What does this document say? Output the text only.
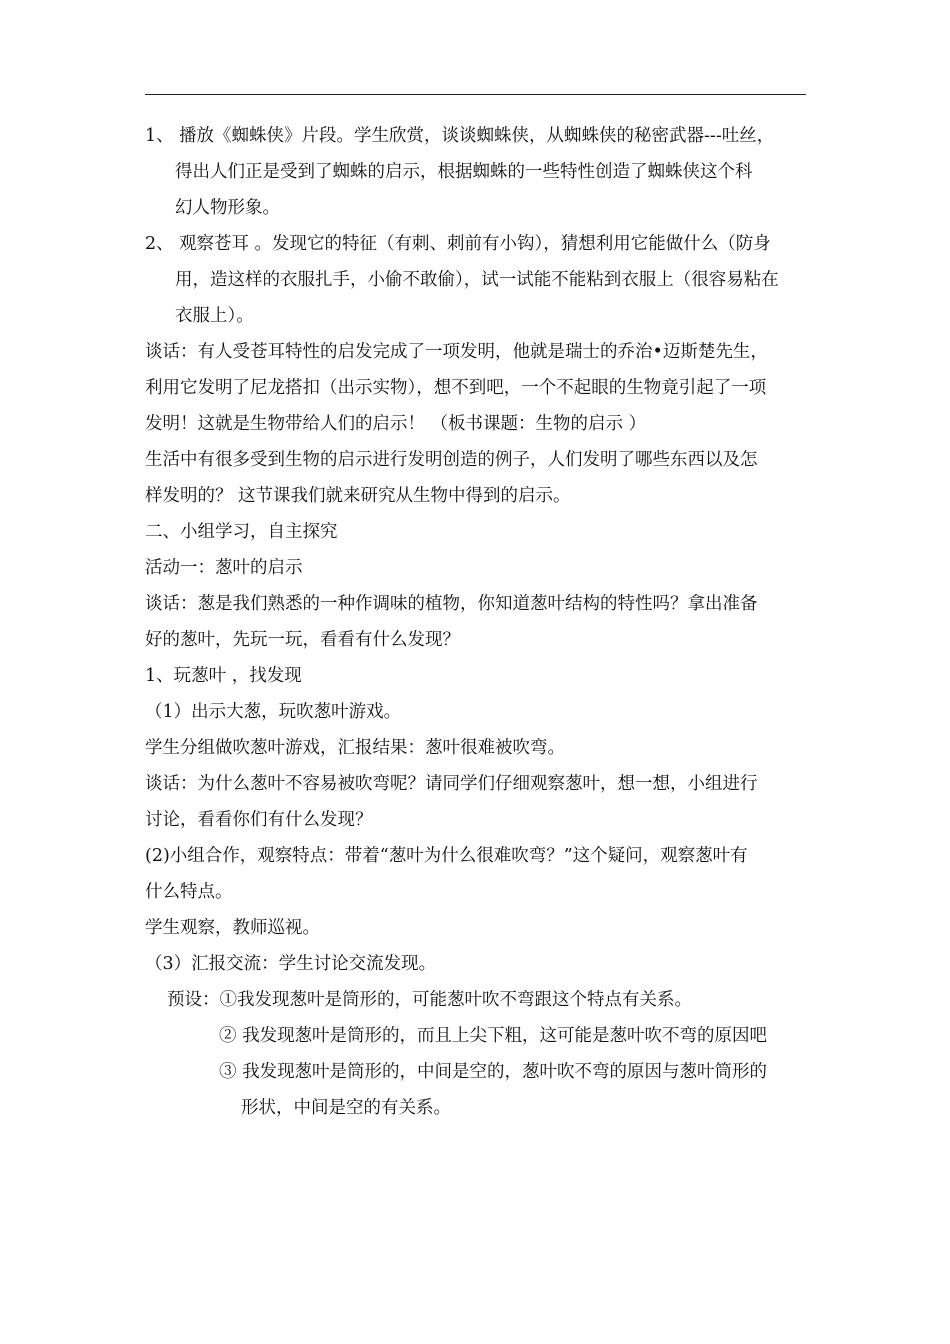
1、 播放《蜘蛛侠》片段。学生欣赏，谈谈蜘蛛侠，从蜘蛛侠的秘密武器---吐丝，
得出人们正是受到了蜘蛛的启示，根据蜘蛛的一些特性创造了蜘蛛侠这个科
幻人物形象。
2、 观察苍耳 。发现它的特征（有刺、刺前有小钩），猜想利用它能做什么（防身
用，造这样的衣服扎手，小偷不敢偷），试一试能不能粘到衣服上（很容易粘在
衣服上）。
谈话：有人受苍耳特性的启发完成了一项发明，他就是瑞士的乔治•迈斯楚先生，
利用它发明了尼龙搭扣（出示实物），想不到吧，一个不起眼的生物竟引起了一项
发明！这就是生物带给人们的启示！ （板书课题：生物的启示 ）
生活中有很多受到生物的启示进行发明创造的例子，人们发明了哪些东西以及怎
样发明的？ 这节课我们就来研究从生物中得到的启示。
二、小组学习，自主探究
活动一：葱叶的启示
谈话：葱是我们熟悉的一种作调味的植物，你知道葱叶结构的特性吗？拿出准备
好的葱叶，先玩一玩，看看有什么发现？
1、玩葱叶 ，找发现
（1）出示大葱，玩吹葱叶游戏。
学生分组做吹葱叶游戏，汇报结果：葱叶很难被吹弯。
谈话：为什么葱叶不容易被吹弯呢？请同学们仔细观察葱叶，想一想，小组进行
讨论，看看你们有什么发现？
(2)小组合作，观察特点：带着“葱叶为什么很难吹弯？”这个疑问，观察葱叶有
什么特点。
学生观察，教师巡视。
（3）汇报交流：学生讨论交流发现。
预设：①我发现葱叶是筒形的，可能葱叶吹不弯跟这个特点有关系。
② 我发现葱叶是筒形的，而且上尖下粗，这可能是葱叶吹不弯的原因吧
③ 我发现葱叶是筒形的，中间是空的，葱叶吹不弯的原因与葱叶筒形的
形状，中间是空的有关系。
